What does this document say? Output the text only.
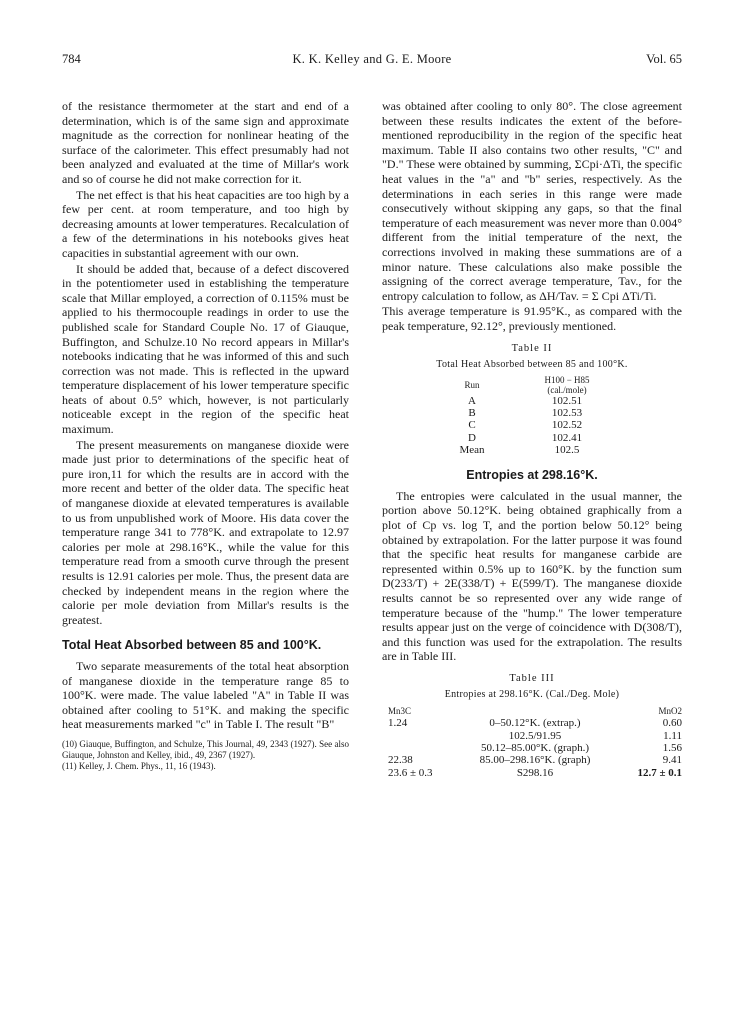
784	K. K. Kelley and G. E. Moore	Vol. 65

of the resistance thermometer at the start and end of a determination, which is of the same sign and approximate magnitude as the correction for nonlinear heating of the surface of the calorimeter. This effect presumably had not been analyzed and evaluated at the time of Millar's work and so of course he did not make correction for it.

The net effect is that his heat capacities are too high by a few per cent. at room temperature, and too high by decreasing amounts at lower temperatures. Recalculation of a few of the determinations in his notebooks gives heat capacities in substantial agreement with our own.

It should be added that, because of a defect discovered in the potentiometer used in establishing the temperature scale that Millar employed, a correction of 0.115% must be applied to his thermocouple readings in order to use the published scale for Standard Couple No. 17 of Giauque, Buffington, and Schulze.10 No record appears in Millar's notebooks indicating that he was informed of this and such correction was not made. This is reflected in the upward temperature displacement of his lower temperature specific heats of about 0.5° which, however, is not particularly noticeable except in the region of the specific heat maximum.

The present measurements on manganese dioxide were made just prior to determinations of the specific heat of pure iron,11 for which the results are in accord with the more recent and better of the older data. The specific heat of manganese dioxide at elevated temperatures is available to us from unpublished work of Moore. His data cover the temperature range 341 to 778°K. and extrapolate to 12.97 calories per mole at 298.16°K., while the value for this temperature read from a smooth curve through the present results is 12.91 calories per mole. Thus, the present data are checked by independent means in the region where the calorie per mole deviation from Millar's results is the greatest.

Total Heat Absorbed between 85 and 100°K.

Two separate measurements of the total heat absorption of manganese dioxide in the temperature range 85 to 100°K. were made. The value labeled "A" in Table II was obtained after cooling to 51°K. and making the specific heat measurements marked "c" in Table I. The result "B"

(10) Giauque, Buffington, and Schulze, This Journal, 49, 2343 (1927). See also Giauque, Johnston and Kelley, ibid., 49, 2367 (1927).
(11) Kelley, J. Chem. Phys., 11, 16 (1943).

was obtained after cooling to only 80°. The close agreement between these results indicates the extent of the before-mentioned reproducibility in the region of the specific heat maximum. Table II also contains two other results, "C" and "D." These were obtained by summing, ΣCpi·ΔTi, the specific heat values in the "a" and "b" series, respectively. As the determinations in each series in this range were made consecutively without skipping any gaps, so that the final temperature of each measurement was never more than 0.004° different from the initial temperature of the next, the corrections involved in making these summations are of a minor nature. These calculations also make possible the assigning of the correct average temperature, Tav., for the entropy calculation to follow, as ΔH/Tav. = Σ Cpi ΔTi/Ti.

This average temperature is 91.95°K., as compared with the peak temperature, 92.12°, previously mentioned.

Table II
Total Heat Absorbed between 85 and 100°K.
Run	H100 − H85
(cal./mole)

A	102.51
B	102.53
C	102.52
D	102.41
Mean	102.5
Entropies at 298.16°K.

The entropies were calculated in the usual manner, the portion above 50.12°K. being obtained graphically from a plot of Cp vs. log T, and the portion below 50.12° being obtained by extrapolation. For the latter purpose it was found that the specific heat results for manganese carbide are represented within 0.5% up to 160°K. by the function sum D(233/T) + 2E(338/T) + E(599/T). The manganese dioxide results cannot be so represented over any wide range of temperature because of the "hump." The lower temperature results appear just on the verge of coincidence with D(308/T), and this function was used for the extrapolation. The results are in Table III.

Table III
Entropies at 298.16°K. (Cal./Deg. Mole)
Mn3C		MnO2
1.24	0–50.12°K. (extrap.)	0.60
	102.5/91.95	1.11
	50.12–85.00°K. (graph.)	1.56
22.38	85.00–298.16°K. (graph)	9.41
23.6 ± 0.3	S298.16	12.7 ± 0.1
